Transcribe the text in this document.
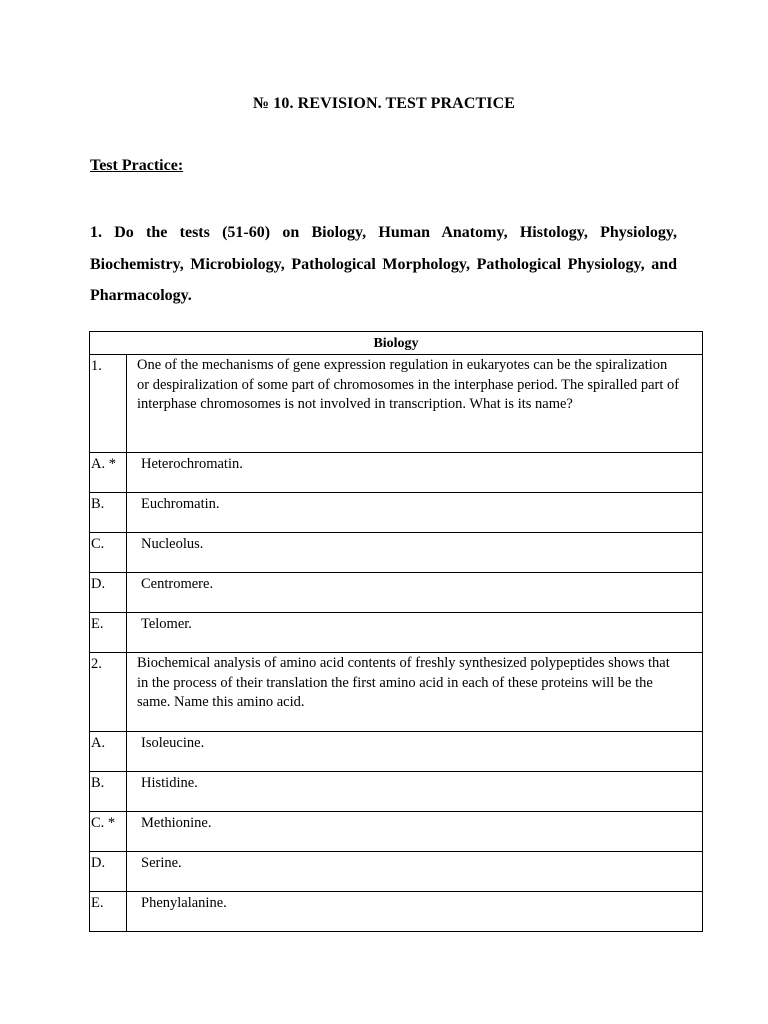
№ 10. REVISION. TEST PRACTICE
Test Practice:
1. Do the tests (51-60) on Biology, Human Anatomy, Histology, Physiology, Biochemistry, Microbiology, Pathological Morphology, Pathological Physiology, and Pharmacology.
Biology	
1.	One of the mechanisms of gene expression regulation in eukaryotes can be the spiralization or despiralization of some part of chromosomes in the interphase period. The spiralled part of interphase chromosomes is not involved in transcription. What is its name?
A. *	Heterochromatin.
B.	Euchromatin.
C.	Nucleolus.
D.	Centromere.
E.	Telomer.
2.	Biochemical analysis of amino acid contents of freshly synthesized polypeptides shows that in the process of their translation the first amino acid in each of these proteins will be the same. Name this amino acid.
A.	Isoleucine.
B.	Histidine.
C. *	Methionine.
D.	Serine.
E.	Phenylalanine.
